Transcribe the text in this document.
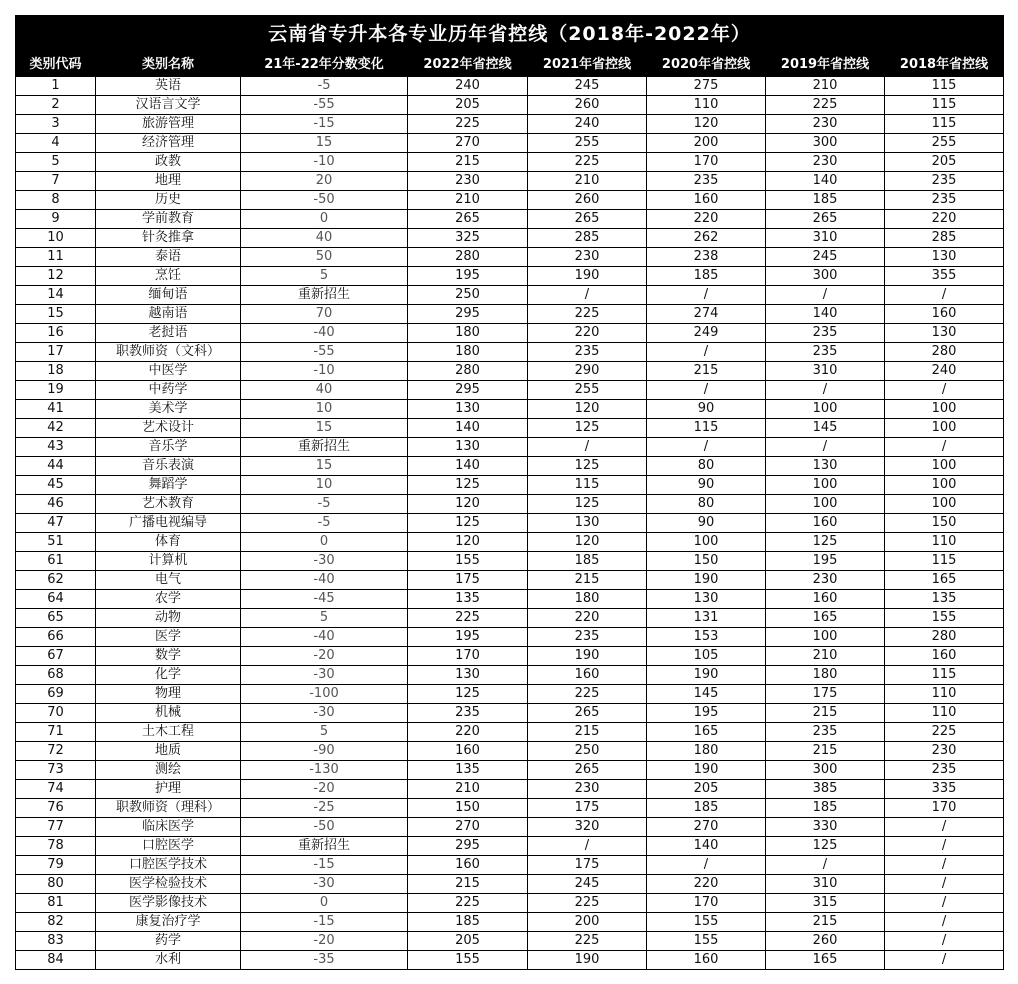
云南省专升本各专业历年省控线（2018年-2022年）							
类别代码	类别名称	21年-22年分数变化	2022年省控线	2021年省控线	2020年省控线	2019年省控线	2018年省控线
1	英语	-5	240	245	275	210	115
2	汉语言文学	-55	205	260	110	225	115
3	旅游管理	-15	225	240	120	230	115
4	经济管理	15	270	255	200	300	255
5	政教	-10	215	225	170	230	205
7	地理	20	230	210	235	140	235
8	历史	-50	210	260	160	185	235
9	学前教育	0	265	265	220	265	220
10	针灸推拿	40	325	285	262	310	285
11	泰语	50	280	230	238	245	130
12	烹饪	5	195	190	185	300	355
14	缅甸语	重新招生	250	/	/	/	/
15	越南语	70	295	225	274	140	160
16	老挝语	-40	180	220	249	235	130
17	职教师资（文科）	-55	180	235	/	235	280
18	中医学	-10	280	290	215	310	240
19	中药学	40	295	255	/	/	/
41	美术学	10	130	120	90	100	100
42	艺术设计	15	140	125	115	145	100
43	音乐学	重新招生	130	/	/	/	/
44	音乐表演	15	140	125	80	130	100
45	舞蹈学	10	125	115	90	100	100
46	艺术教育	-5	120	125	80	100	100
47	广播电视编导	-5	125	130	90	160	150
51	体育	0	120	120	100	125	110
61	计算机	-30	155	185	150	195	115
62	电气	-40	175	215	190	230	165
64	农学	-45	135	180	130	160	135
65	动物	5	225	220	131	165	155
66	医学	-40	195	235	153	100	280
67	数学	-20	170	190	105	210	160
68	化学	-30	130	160	190	180	115
69	物理	-100	125	225	145	175	110
70	机械	-30	235	265	195	215	110
71	土木工程	5	220	215	165	235	225
72	地质	-90	160	250	180	215	230
73	测绘	-130	135	265	190	300	235
74	护理	-20	210	230	205	385	335
76	职教师资（理科）	-25	150	175	185	185	170
77	临床医学	-50	270	320	270	330	/
78	口腔医学	重新招生	295	/	140	125	/
79	口腔医学技术	-15	160	175	/	/	/
80	医学检验技术	-30	215	245	220	310	/
81	医学影像技术	0	225	225	170	315	/
82	康复治疗学	-15	185	200	155	215	/
83	药学	-20	205	225	155	260	/
84	水利	-35	155	190	160	165	/
